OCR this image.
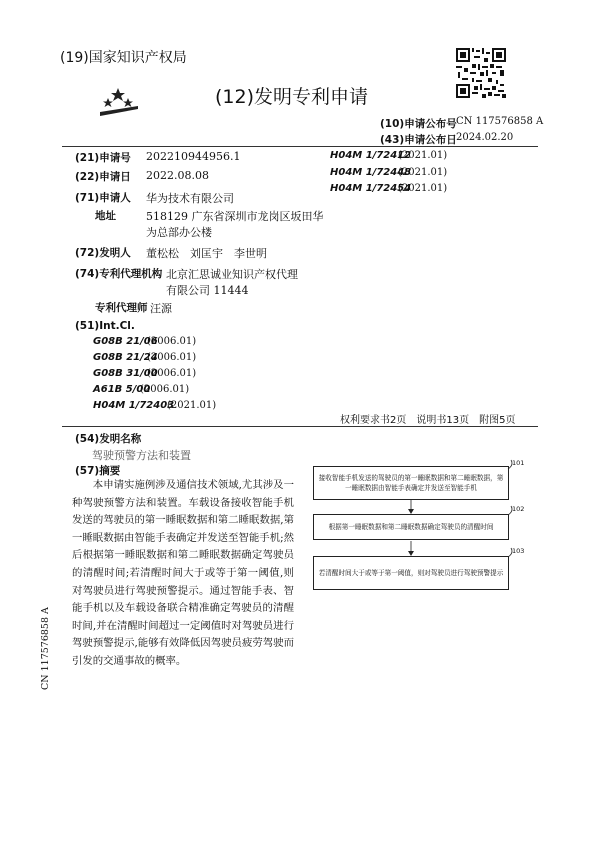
(19)国家知识产权局
(12)发明专利申请
(10)申请公布号 CN 117576858 A
(43)申请公布日 2024.02.20
(21)申请号 202210944956.1
(22)申请日 2022.08.08
(71)申请人 华为技术有限公司
地址	518129 广东省深圳市龙岗区坂田华
为总部办公楼
(72)发明人 董松松　刘匡宇　李世明
(74)专利代理机构 北京汇思诚业知识产权代理
有限公司 11444
专利代理师 汪源
(51)Int.Cl.
G08B 21/06
(2006.01)
G08B 21/24
(2006.01)
G08B 31/00
(2006.01)
A61B 5/00
(2006.01)
H04M 1/72403
(2021.01)
H04M 1/72412
(2021.01)
H04M 1/72448
(2021.01)
H04M 1/72454
(2021.01)
权利要求书2页　说明书13页　附图5页
(54)发明名称
驾驶预警方法和装置
(57)摘要
本申请实施例涉及通信技术领域,尤其涉及一种驾驶预警方法和装置。车载设备接收智能手机发送的驾驶员的第一睡眠数据和第二睡眠数据,第一睡眠数据由智能手表确定并发送至智能手机;然后根据第一睡眠数据和第二睡眠数据确定驾驶员的清醒时间;若清醒时间大于或等于第一阈值,则对驾驶员进行驾驶预警提示。通过智能手表、智能手机以及车载设备联合精准确定驾驶员的清醒时间,并在清醒时间超过一定阈值时对驾驶员进行驾驶预警提示,能够有效降低因驾驶员疲劳驾驶而引发的交通事故的概率。
接收智能手机发送的驾驶员的第一睡眠数据和第二睡眠数据，第一睡眠数据由智能手表确定并发送至智能手机
101
根据第一睡眠数据和第二睡眠数据确定驾驶员的清醒时间
102
若清醒时间大于或等于第一阈值，则对驾驶员进行驾驶预警提示
103
CN 117576858 A
